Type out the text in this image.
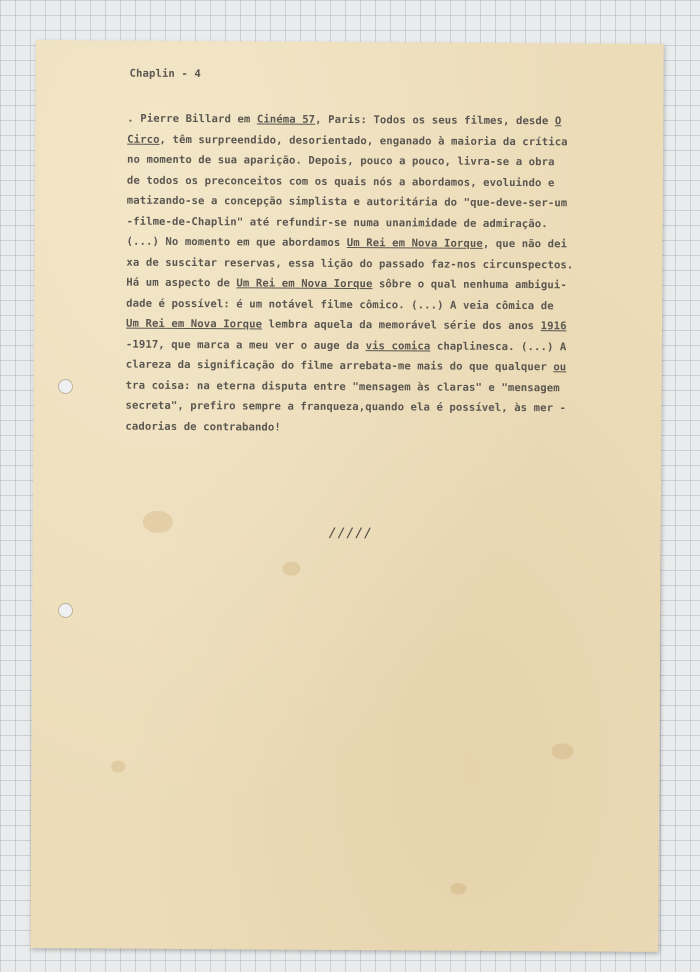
Chaplin - 4
. Pierre Billard em Cinéma 57, Paris: Todos os seus filmes, desde O
Circo, têm surpreendido, desorientado, enganado à maioria da crítica
no momento de sua aparição. Depois, pouco a pouco, livra-se a obra
de todos os preconceitos com os quais nós a abordamos, evoluindo e
matizando-se a concepção simplista e autoritária do "que-deve-ser-um
-filme-de-Chaplin" até refundir-se numa unanimidade de admiração.
(...) No momento em que abordamos Um Rei em Nova Iorque, que não dei
xa de suscitar reservas, essa lição do passado faz-nos circunspectos.
Há um aspecto de Um Rei em Nova Iorque sôbre o qual nenhuma ambigui-
dade é possível: é um notável filme cômico. (...) A veia cômica de
Um Rei em Nova Iorque lembra aquela da memorável série dos anos 1916
-1917, que marca a meu ver o auge da vis comica chaplinesca. (...) A
clareza da significação do filme arrebata-me mais do que qualquer ou
tra coisa: na eterna disputa entre "mensagem às claras" e "mensagem
secreta", prefiro sempre a franqueza,quando ela é possível, às mer -
cadorias de contrabando!
/////
